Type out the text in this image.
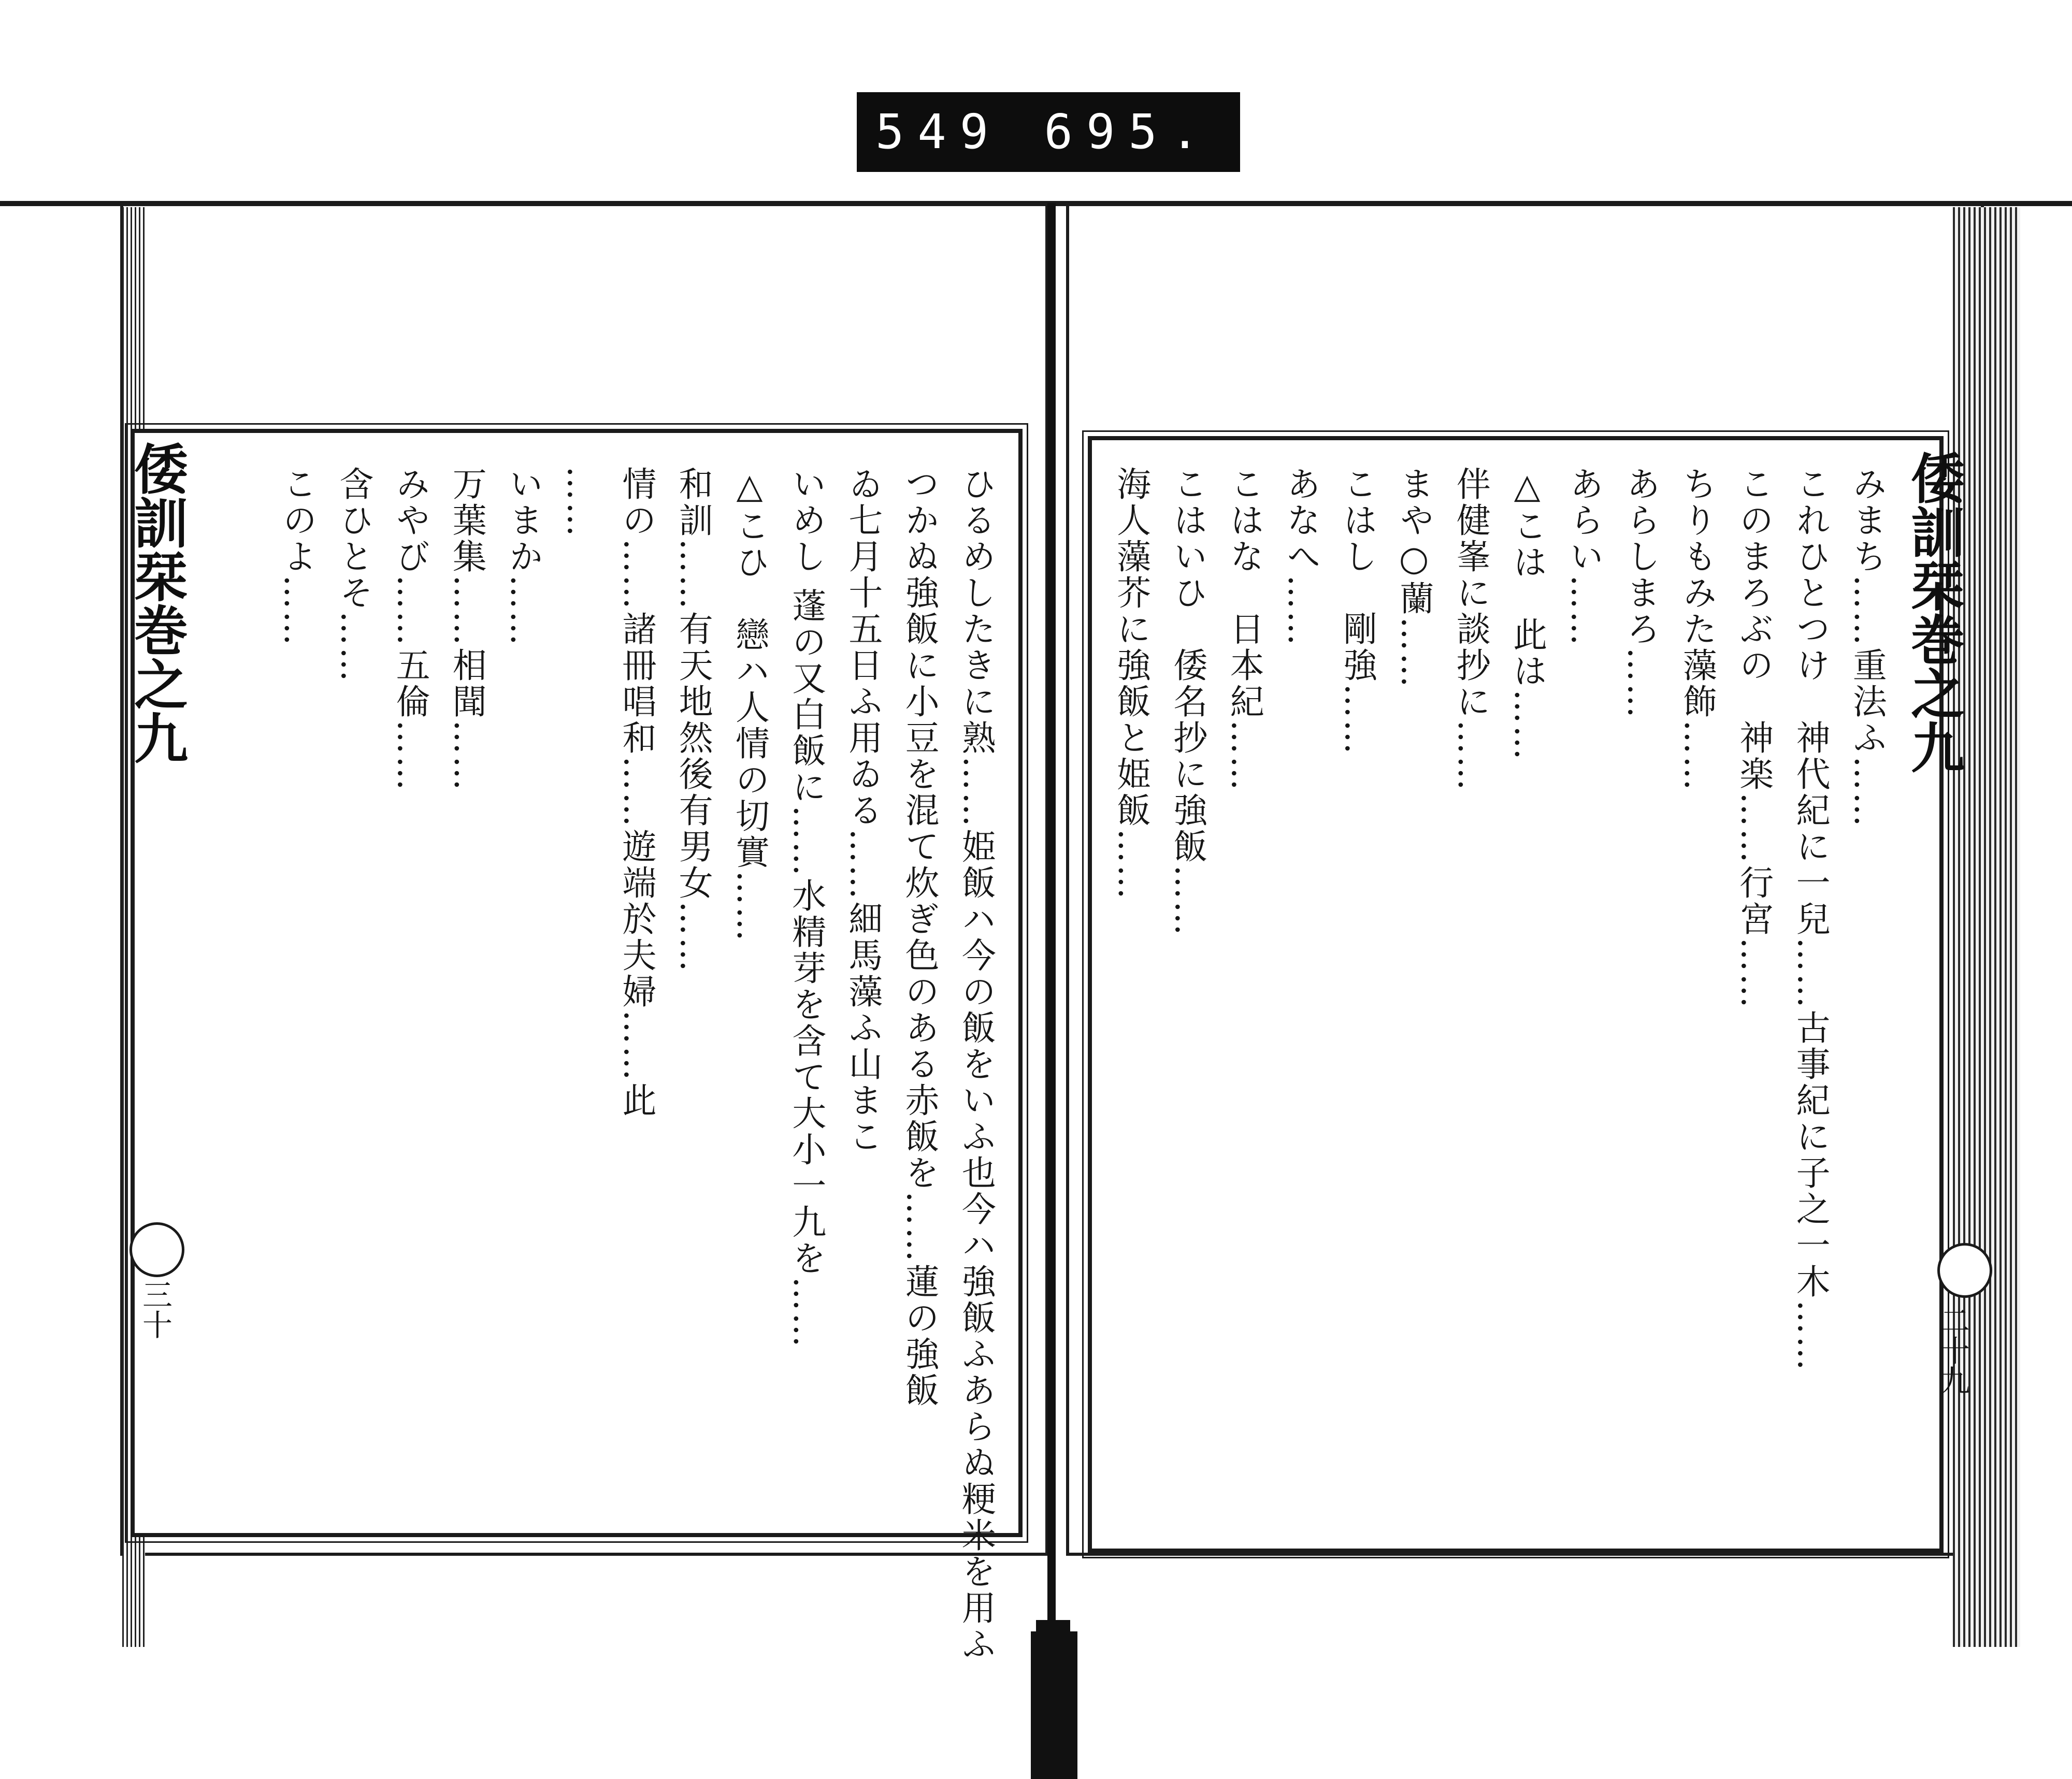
549 695.
倭訓栞巻之九
倭訓栞巻之九
三十	二十九
ひるめしたきに熟……姫飯ハ今の飯をいふ也今ハ強飯ふあらぬ粳米を用ふ
つかぬ強飯に小豆を混て炊ぎ色のある赤飯を……蓮の強飯
ゐ七月十五日ふ用ゐる……細馬藻ふ山まこ
いめし 蓬の又白飯に……水精芽を含て大小一九を……
△こひ　戀ハ人情の切實……
和訓……有天地然後有男女……
情の……諸冊唱和……遊端於夫婦……此
……
いまか……
万葉集……相聞……
みやび……五倫……
含ひとそ……
このよ……	みまち……重法ふ……
これひとつけ　神代紀に一兒……古事紀に子之一木……
このまろぶの　神楽……行宮……
ちりもみた藻飾……
あらしまろ……
あらい……
△こは　此は……
伴健峯に談抄に……
まや○蘭……
こはし　剛強……
あなへ……
こはな　日本紀……
こはいひ　倭名抄に強飯……
海人藻芥に強飯と姫飯……
